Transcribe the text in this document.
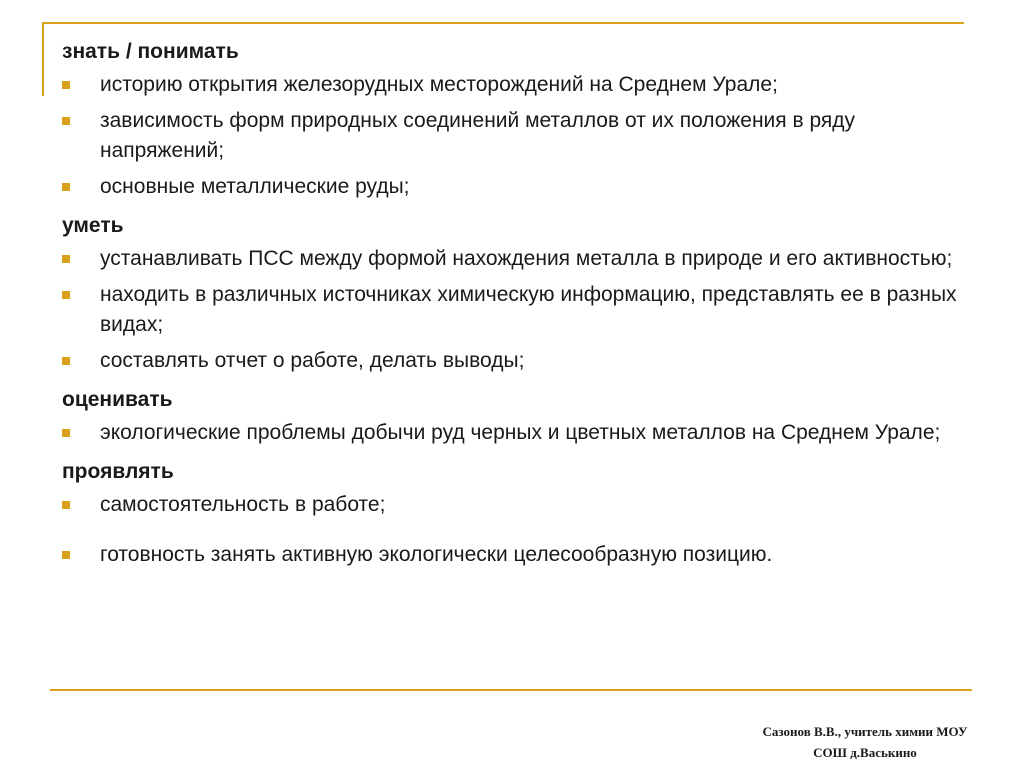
знать / понимать
историю открытия железорудных месторождений на Среднем Урале;
зависимость форм природных соединений металлов от их положения в ряду напряжений;
основные металлические руды;
уметь
устанавливать ПСС между формой нахождения металла в природе и его активностью;
находить в различных источниках химическую информацию, представлять ее в разных видах;
составлять отчет о работе, делать выводы;
оценивать
экологические проблемы добычи руд черных и цветных металлов на Среднем Урале;
проявлять
самостоятельность в работе;
готовность занять активную экологически целесообразную позицию.
Сазонов В.В., учитель химии МОУ
СОШ д.Васькино
